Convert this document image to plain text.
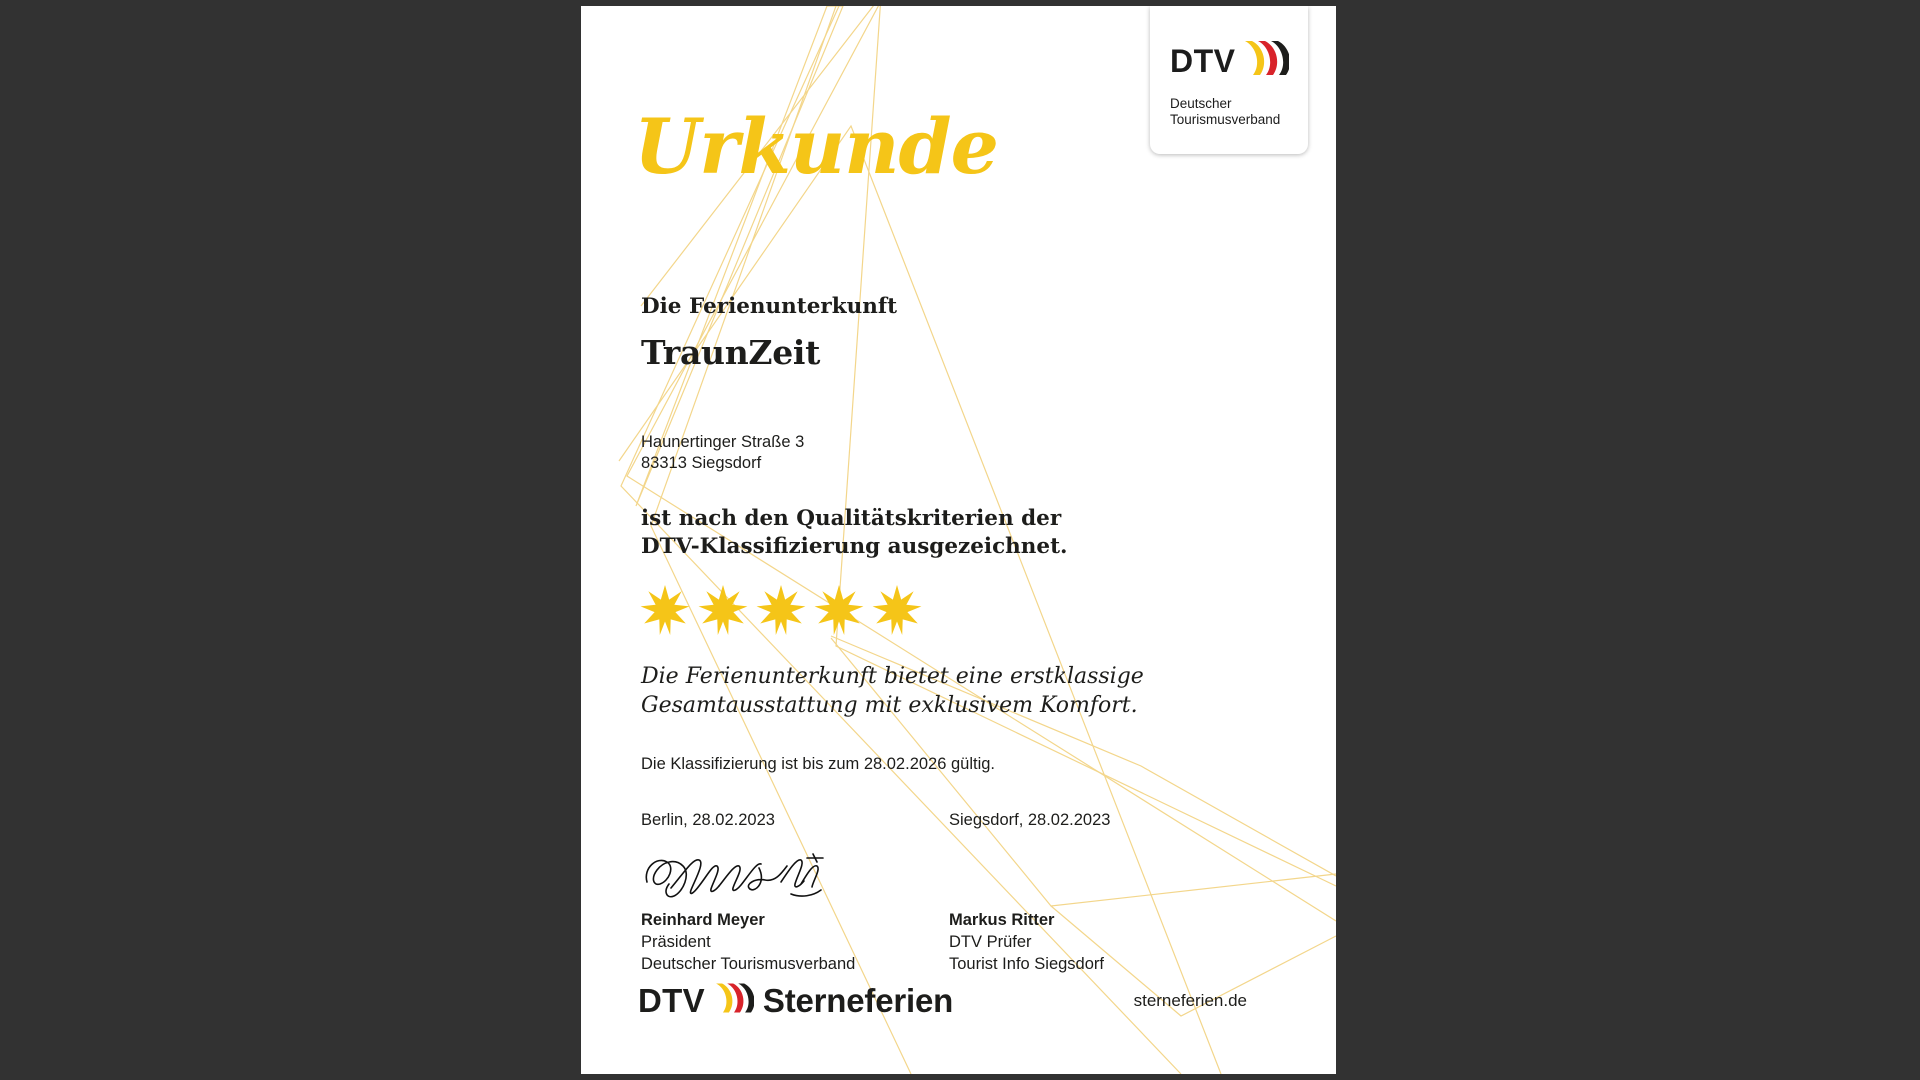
DTV
Deutscher
Tourismusverband
Urkunde
Die Ferienunterkunft
TraunZeit
Haunertinger Straße 3
83313 Siegsdorf
ist nach den Qualitätskriterien der
DTV-Klassifizierung ausgezeichnet.
Die Ferienunterkunft bietet eine erstklassige
Gesamtausstattung mit exklusivem Komfort.
Die Klassifizierung ist bis zum 28.02.2026 gültig.
Berlin, 28.02.2023	Siegsdorf, 28.02.2023
Reinhard Meyer
Präsident
Deutscher Tourismusverband
Markus Ritter
DTV Prüfer
Tourist Info Siegsdorf
DTV Sterneferien	sterneferien.de
